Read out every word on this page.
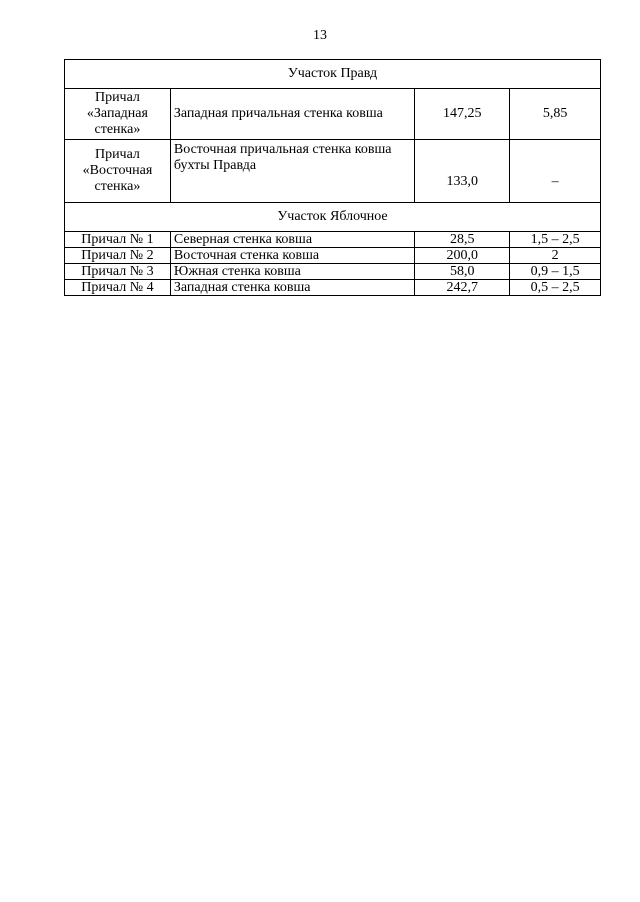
13
Участок Правд			
Причал «Западная стенка»	Западная причальная стенка ковша	147,25	5,85
Причал «Восточная стенка»	Восточная причальная стенка ковша бухты Правда	133,0	–
Участок Яблочное			
Причал № 1	Северная стенка ковша	28,5	1,5 – 2,5
Причал № 2	Восточная стенка ковша	200,0	2
Причал № 3	Южная стенка ковша	58,0	0,9 – 1,5
Причал № 4	Западная стенка ковша	242,7	0,5 – 2,5
